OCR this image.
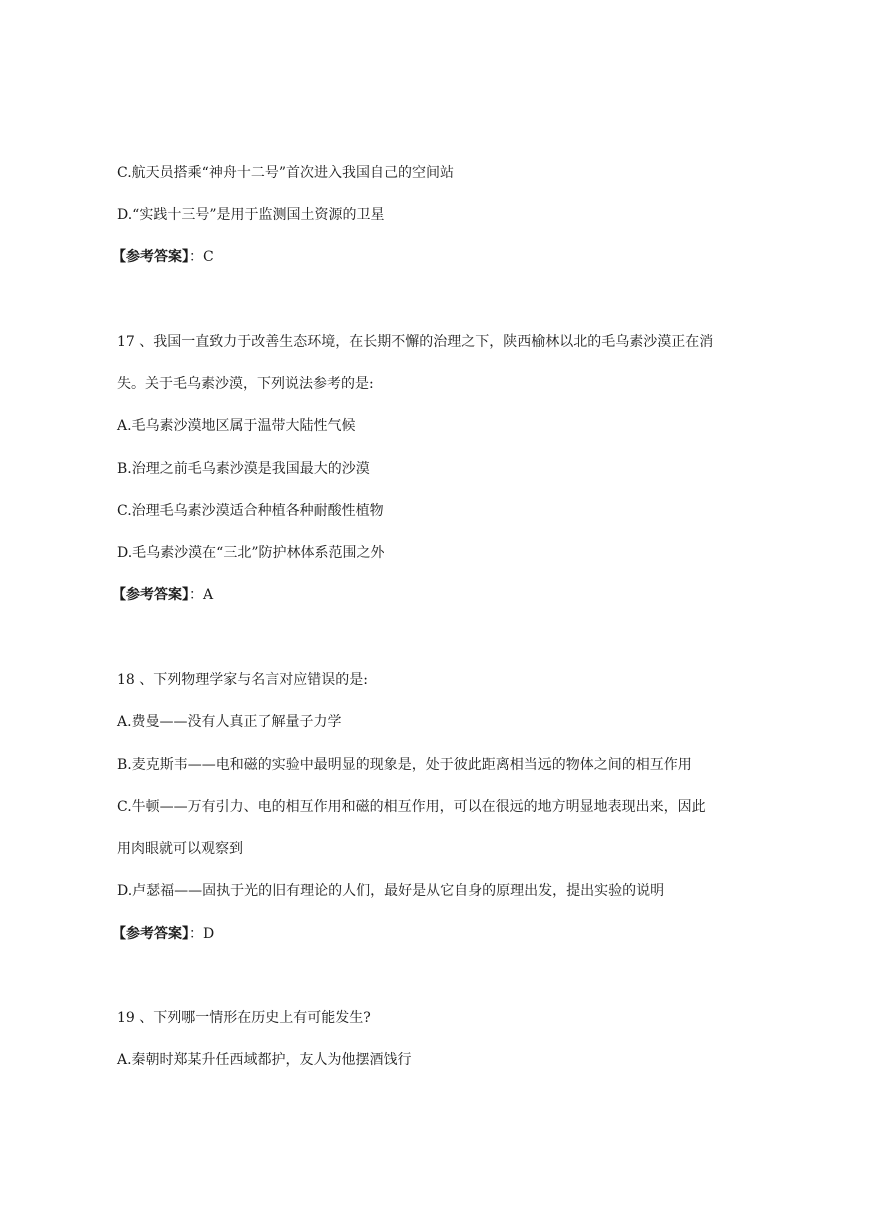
C.航天员搭乘“神舟十二号”首次进入我国自己的空间站
D.“实践十三号”是用于监测国土资源的卫星
【参考答案】：C
17 、我国一直致力于改善生态环境，在长期不懈的治理之下，陕西榆林以北的毛乌素沙漠正在消
失。关于毛乌素沙漠，下列说法参考的是:
A.毛乌素沙漠地区属于温带大陆性气候
B.治理之前毛乌素沙漠是我国最大的沙漠
C.治理毛乌素沙漠适合种植各种耐酸性植物
D.毛乌素沙漠在“三北”防护林体系范围之外
【参考答案】：A
18 、下列物理学家与名言对应错误的是:
A.费曼——没有人真正了解量子力学
B.麦克斯韦——电和磁的实验中最明显的现象是，处于彼此距离相当远的物体之间的相互作用
C.牛顿——万有引力、电的相互作用和磁的相互作用，可以在很远的地方明显地表现出来，因此
用肉眼就可以观察到
D.卢瑟福——固执于光的旧有理论的人们，最好是从它自身的原理出发，提出实验的说明
【参考答案】：D
19 、下列哪一情形在历史上有可能发生?
A.秦朝时郑某升任西域都护，友人为他摆酒饯行
